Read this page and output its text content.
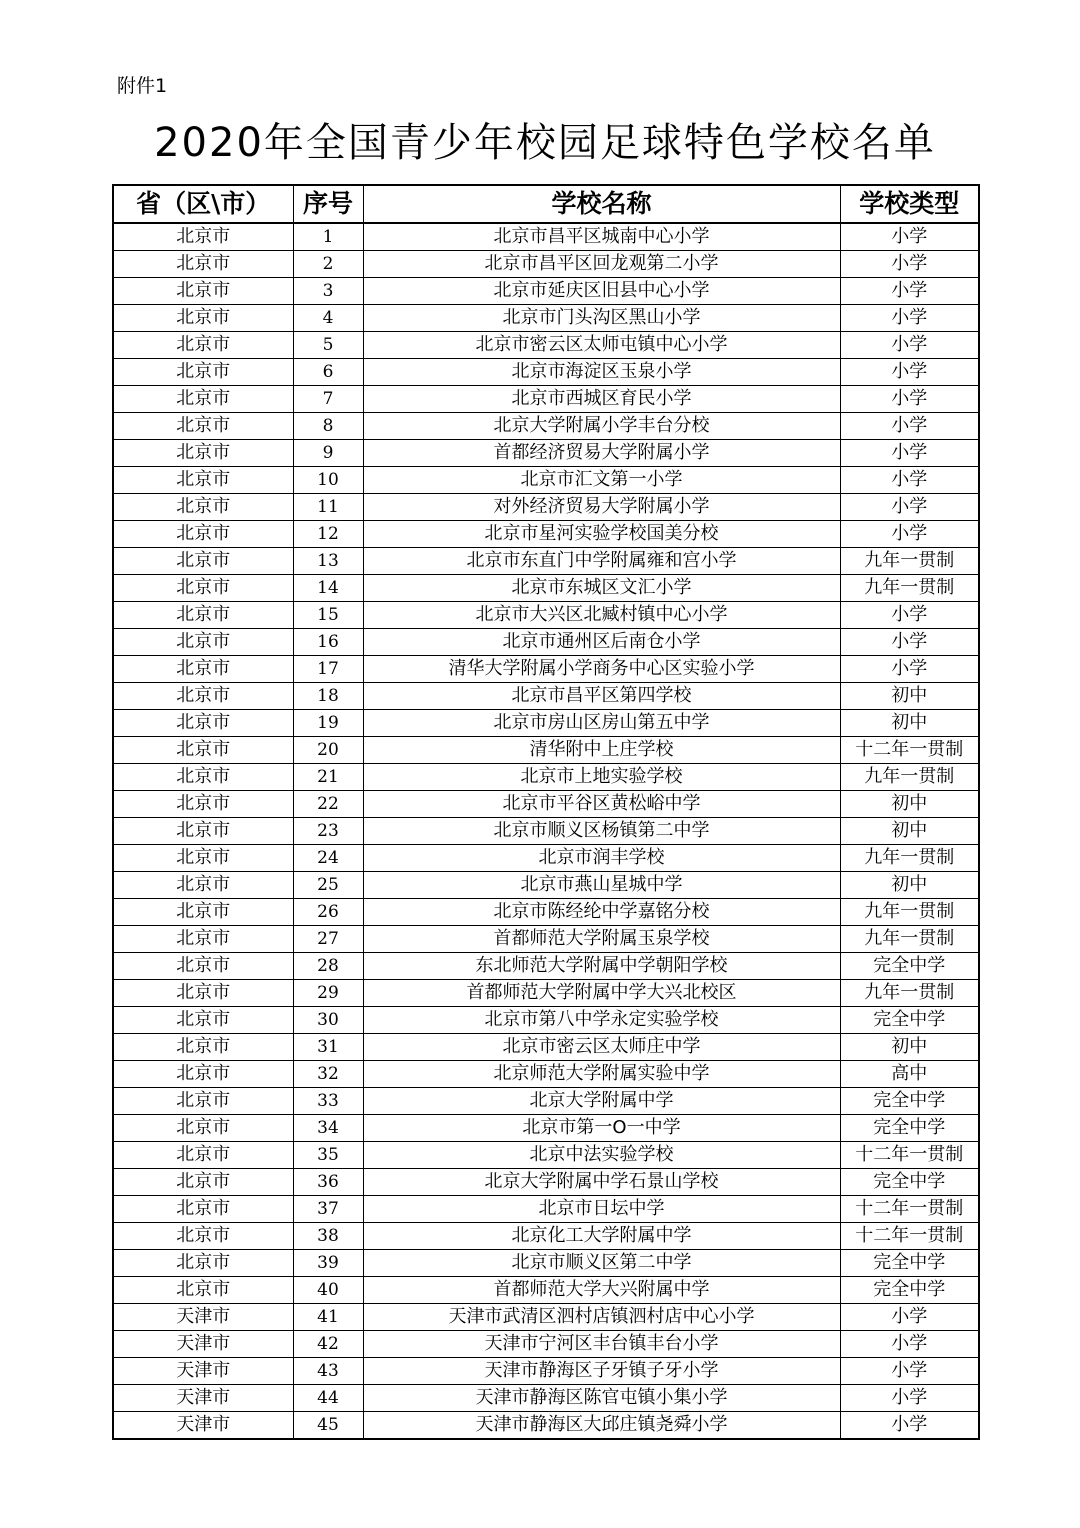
附件1
2020年全国青少年校园足球特色学校名单
省（区\市）	序号	学校名称	学校类型
北京市	1	北京市昌平区城南中心小学	小学
北京市	2	北京市昌平区回龙观第二小学	小学
北京市	3	北京市延庆区旧县中心小学	小学
北京市	4	北京市门头沟区黑山小学	小学
北京市	5	北京市密云区太师屯镇中心小学	小学
北京市	6	北京市海淀区玉泉小学	小学
北京市	7	北京市西城区育民小学	小学
北京市	8	北京大学附属小学丰台分校	小学
北京市	9	首都经济贸易大学附属小学	小学
北京市	10	北京市汇文第一小学	小学
北京市	11	对外经济贸易大学附属小学	小学
北京市	12	北京市星河实验学校国美分校	小学
北京市	13	北京市东直门中学附属雍和宫小学	九年一贯制
北京市	14	北京市东城区文汇小学	九年一贯制
北京市	15	北京市大兴区北臧村镇中心小学	小学
北京市	16	北京市通州区后南仓小学	小学
北京市	17	清华大学附属小学商务中心区实验小学	小学
北京市	18	北京市昌平区第四学校	初中
北京市	19	北京市房山区房山第五中学	初中
北京市	20	清华附中上庄学校	十二年一贯制
北京市	21	北京市上地实验学校	九年一贯制
北京市	22	北京市平谷区黄松峪中学	初中
北京市	23	北京市顺义区杨镇第二中学	初中
北京市	24	北京市润丰学校	九年一贯制
北京市	25	北京市燕山星城中学	初中
北京市	26	北京市陈经纶中学嘉铭分校	九年一贯制
北京市	27	首都师范大学附属玉泉学校	九年一贯制
北京市	28	东北师范大学附属中学朝阳学校	完全中学
北京市	29	首都师范大学附属中学大兴北校区	九年一贯制
北京市	30	北京市第八中学永定实验学校	完全中学
北京市	31	北京市密云区太师庄中学	初中
北京市	32	北京师范大学附属实验中学	高中
北京市	33	北京大学附属中学	完全中学
北京市	34	北京市第一O一中学	完全中学
北京市	35	北京中法实验学校	十二年一贯制
北京市	36	北京大学附属中学石景山学校	完全中学
北京市	37	北京市日坛中学	十二年一贯制
北京市	38	北京化工大学附属中学	十二年一贯制
北京市	39	北京市顺义区第二中学	完全中学
北京市	40	首都师范大学大兴附属中学	完全中学
天津市	41	天津市武清区泗村店镇泗村店中心小学	小学
天津市	42	天津市宁河区丰台镇丰台小学	小学
天津市	43	天津市静海区子牙镇子牙小学	小学
天津市	44	天津市静海区陈官屯镇小集小学	小学
天津市	45	天津市静海区大邱庄镇尧舜小学	小学
